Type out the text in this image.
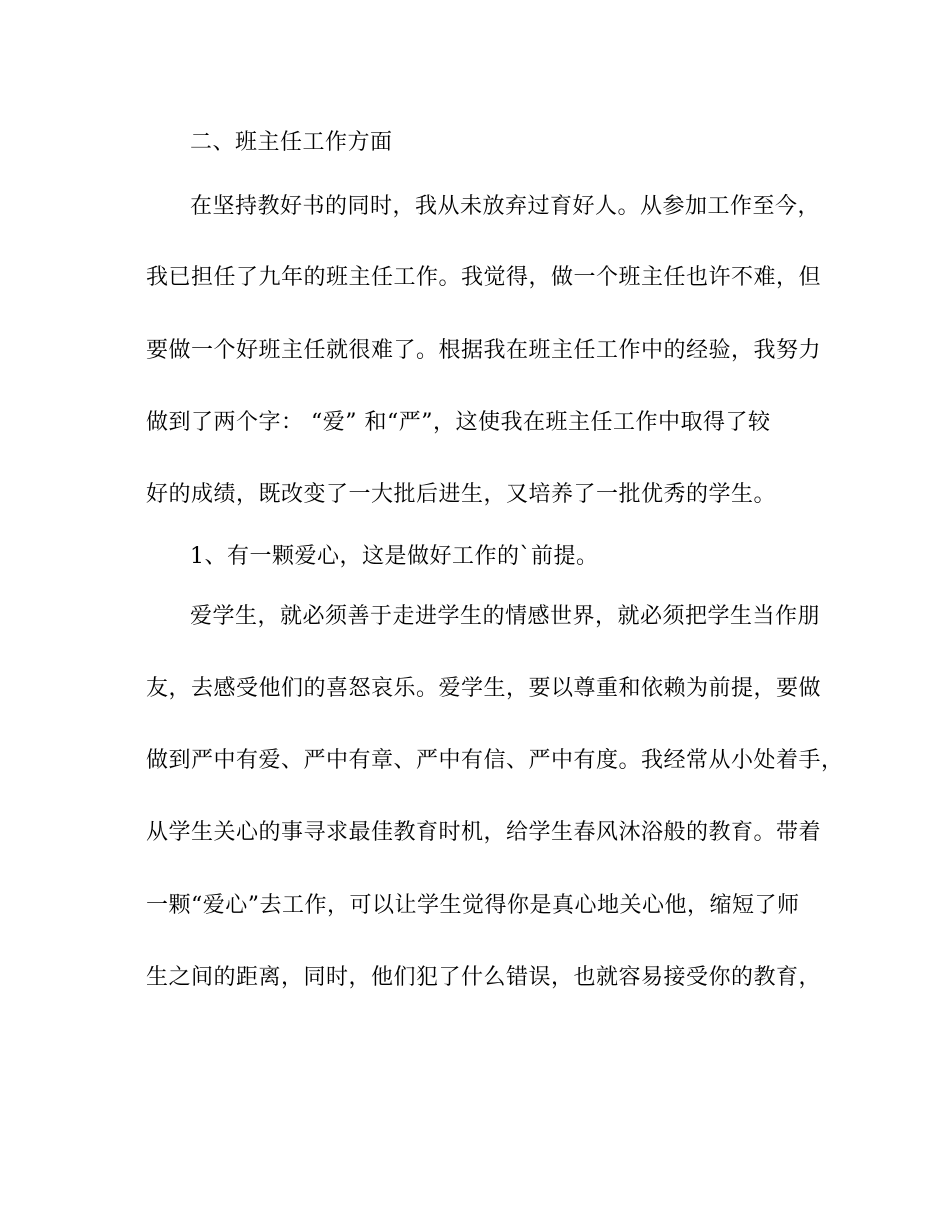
二、班主任工作方面
在坚持教好书的同时，我从未放弃过育好人。从参加工作至今，
我已担任了九年的班主任工作。我觉得，做一个班主任也许不难，但
要做一个好班主任就很难了。根据我在班主任工作中的经验，我努力
做到了两个字： “爱” 和“严”，这使我在班主任工作中取得了较
好的成绩，既改变了一大批后进生，又培养了一批优秀的学生。
1、有一颗爱心，这是做好工作的`前提。
爱学生，就必须善于走进学生的情感世界，就必须把学生当作朋
友，去感受他们的喜怒哀乐。爱学生，要以尊重和依赖为前提，要做
做到严中有爱、严中有章、严中有信、严中有度。我经常从小处着手，
从学生关心的事寻求最佳教育时机，给学生春风沐浴般的教育。带着
一颗“爱心”去工作，可以让学生觉得你是真心地关心他，缩短了师
生之间的距离，同时，他们犯了什么错误，也就容易接受你的教育，
